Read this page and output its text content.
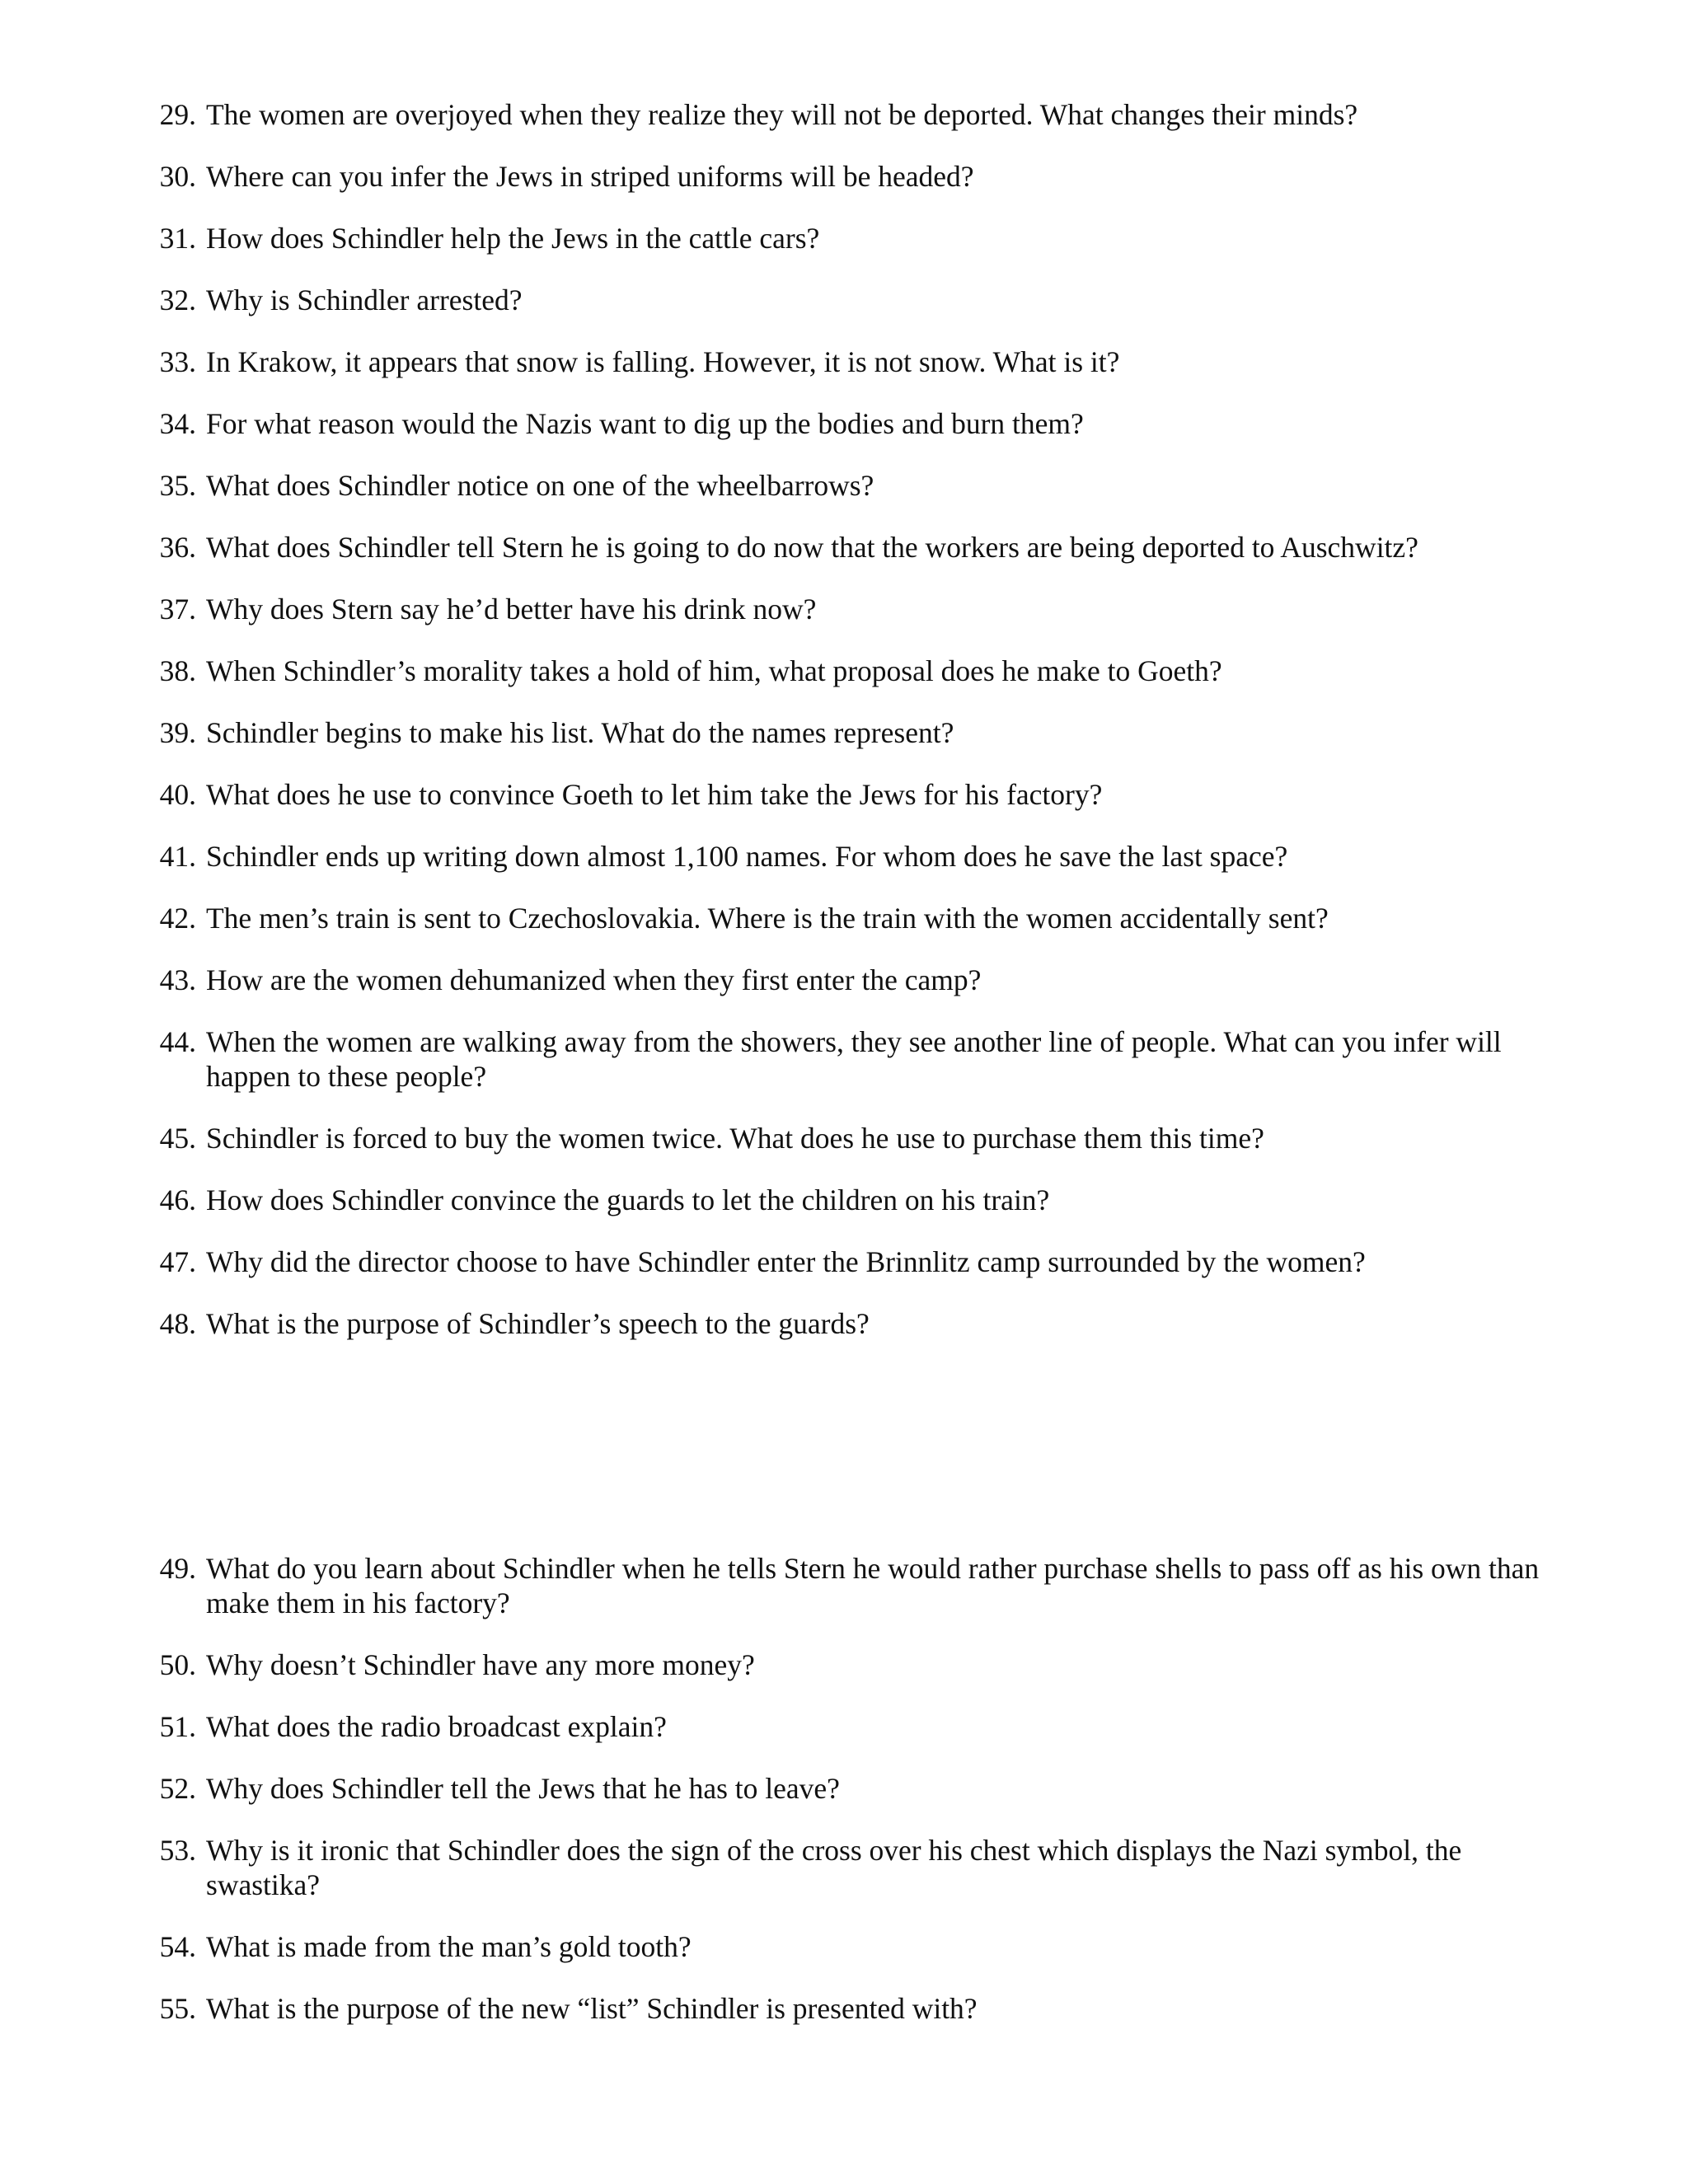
29. The women are overjoyed when they realize they will not be deported. What changes their minds?
30. Where can you infer the Jews in striped uniforms will be headed?
31. How does Schindler help the Jews in the cattle cars?
32. Why is Schindler arrested?
33. In Krakow, it appears that snow is falling. However, it is not snow. What is it?
34. For what reason would the Nazis want to dig up the bodies and burn them?
35. What does Schindler notice on one of the wheelbarrows?
36. What does Schindler tell Stern he is going to do now that the workers are being deported to Auschwitz?
37. Why does Stern say he’d better have his drink now?
38. When Schindler’s morality takes a hold of him, what proposal does he make to Goeth?
39. Schindler begins to make his list. What do the names represent?
40. What does he use to convince Goeth to let him take the Jews for his factory?
41. Schindler ends up writing down almost 1,100 names. For whom does he save the last space?
42. The men’s train is sent to Czechoslovakia. Where is the train with the women accidentally sent?
43. How are the women dehumanized when they first enter the camp?
44. When the women are walking away from the showers, they see another line of people. What can you infer will happen to these people?
45. Schindler is forced to buy the women twice. What does he use to purchase them this time?
46. How does Schindler convince the guards to let the children on his train?
47. Why did the director choose to have Schindler enter the Brinnlitz camp surrounded by the women?
48. What is the purpose of Schindler’s speech to the guards?
49. What do you learn about Schindler when he tells Stern he would rather purchase shells to pass off as his own than make them in his factory?
50. Why doesn’t Schindler have any more money?
51. What does the radio broadcast explain?
52. Why does Schindler tell the Jews that he has to leave?
53. Why is it ironic that Schindler does the sign of the cross over his chest which displays the Nazi symbol, the swastika?
54. What is made from the man’s gold tooth?
55. What is the purpose of the new “list” Schindler is presented with?
